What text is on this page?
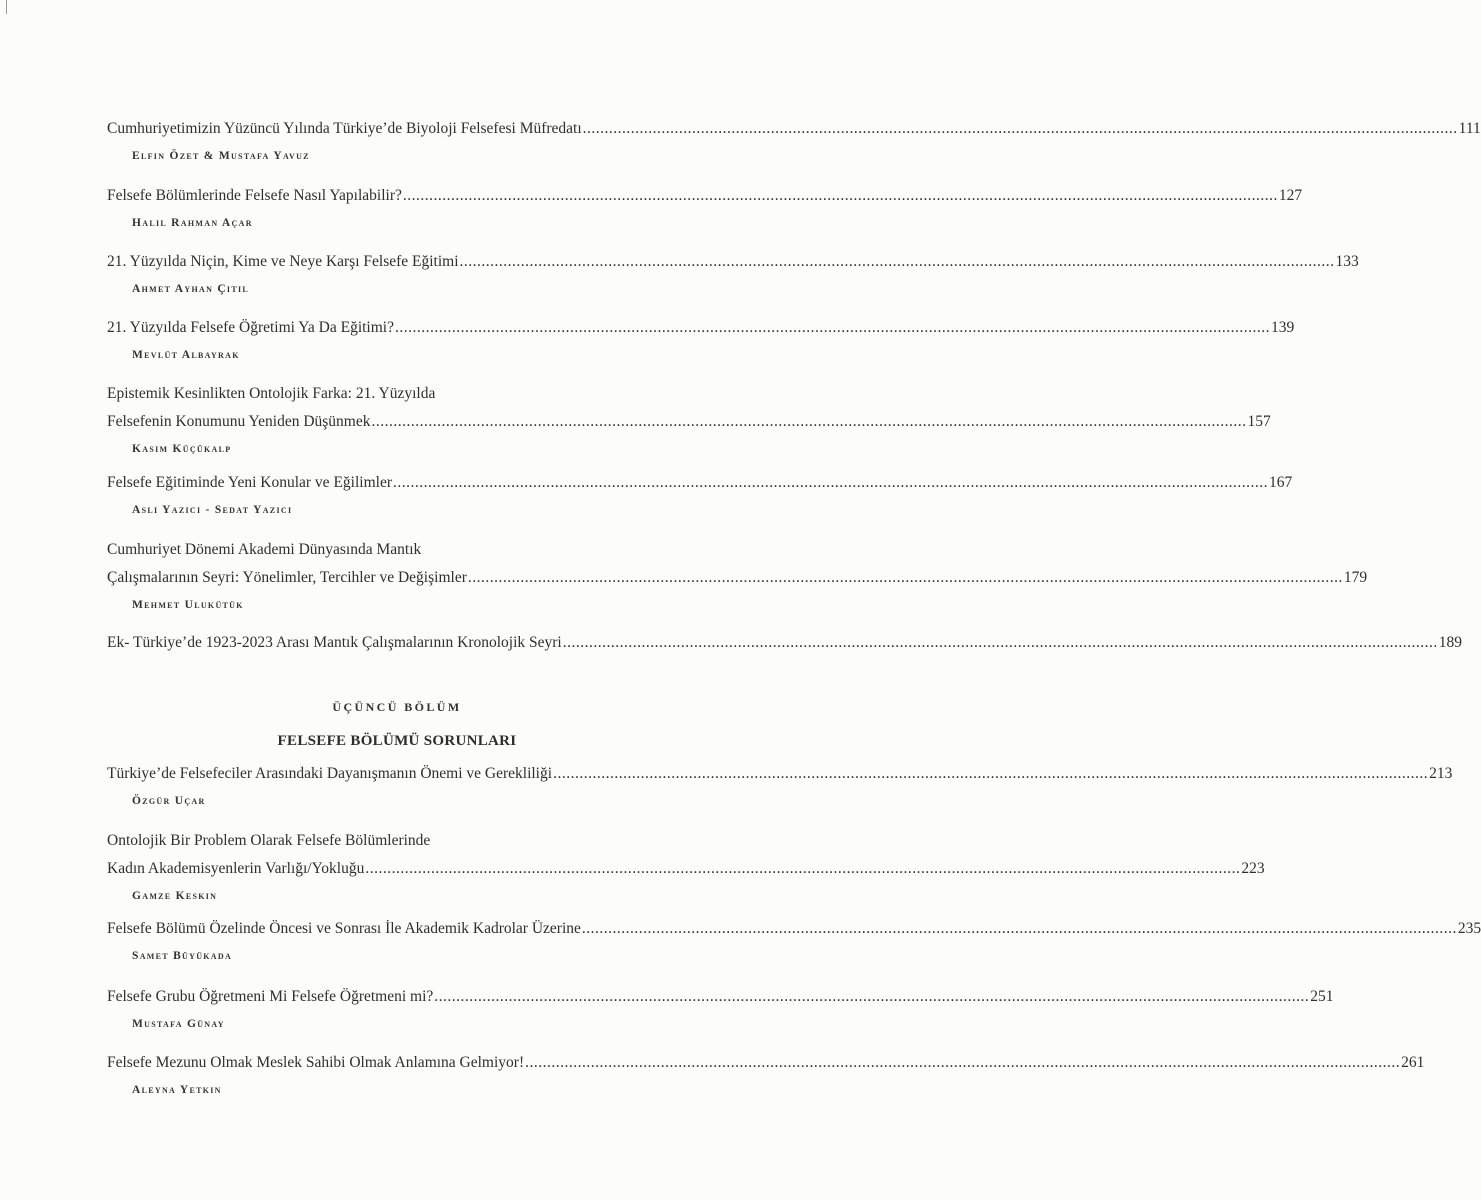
Cumhuriyetimizin Yüzüncü Yılında Türkiye’de Biyoloji Felsefesi Müfredatı ........................................................................................................................................................................................................ 111
Elfin Özet & Mustafa Yavuz
Felsefe Bölümlerinde Felsefe Nasıl Yapılabilir? ........................................................................................................................................................................................................ 127
Halil Rahman Açar
21. Yüzyılda Niçin, Kime ve Neye Karşı Felsefe Eğitimi ........................................................................................................................................................................................................ 133
Ahmet Ayhan Çitil
21. Yüzyılda Felsefe Öğretimi Ya Da Eğitimi? ........................................................................................................................................................................................................ 139
Mevlüt Albayrak
Epistemik Kesinlikten Ontolojik Farka: 21. Yüzyılda
Felsefenin Konumunu Yeniden Düşünmek ........................................................................................................................................................................................................ 157
Kasım Küçükalp
Felsefe Eğitiminde Yeni Konular ve Eğilimler ........................................................................................................................................................................................................ 167
Aslı Yazıcı - Sedat Yazıcı
Cumhuriyet Dönemi Akademi Dünyasında Mantık
Çalışmalarının Seyri: Yönelimler, Tercihler ve Değişimler ........................................................................................................................................................................................................ 179
Mehmet Ulukütük
Ek- Türkiye’de 1923-2023 Arası Mantık Çalışmalarının Kronolojik Seyri ........................................................................................................................................................................................................ 189
ÜÇÜNCÜ BÖLÜM
FELSEFE BÖLÜMÜ SORUNLARI
Türkiye’de Felsefeciler Arasındaki Dayanışmanın Önemi ve Gerekliliği ........................................................................................................................................................................................................ 213
Özgür Uçar
Ontolojik Bir Problem Olarak Felsefe Bölümlerinde
Kadın Akademisyenlerin Varlığı/Yokluğu ........................................................................................................................................................................................................ 223
Gamze Keskin
Felsefe Bölümü Özelinde Öncesi ve Sonrası İle Akademik Kadrolar Üzerine ........................................................................................................................................................................................................ 235
Samet Büyükada
Felsefe Grubu Öğretmeni Mi Felsefe Öğretmeni mi? ........................................................................................................................................................................................................ 251
Mustafa Günay
Felsefe Mezunu Olmak Meslek Sahibi Olmak Anlamına Gelmiyor! ........................................................................................................................................................................................................ 261
Aleyna Yetkin
